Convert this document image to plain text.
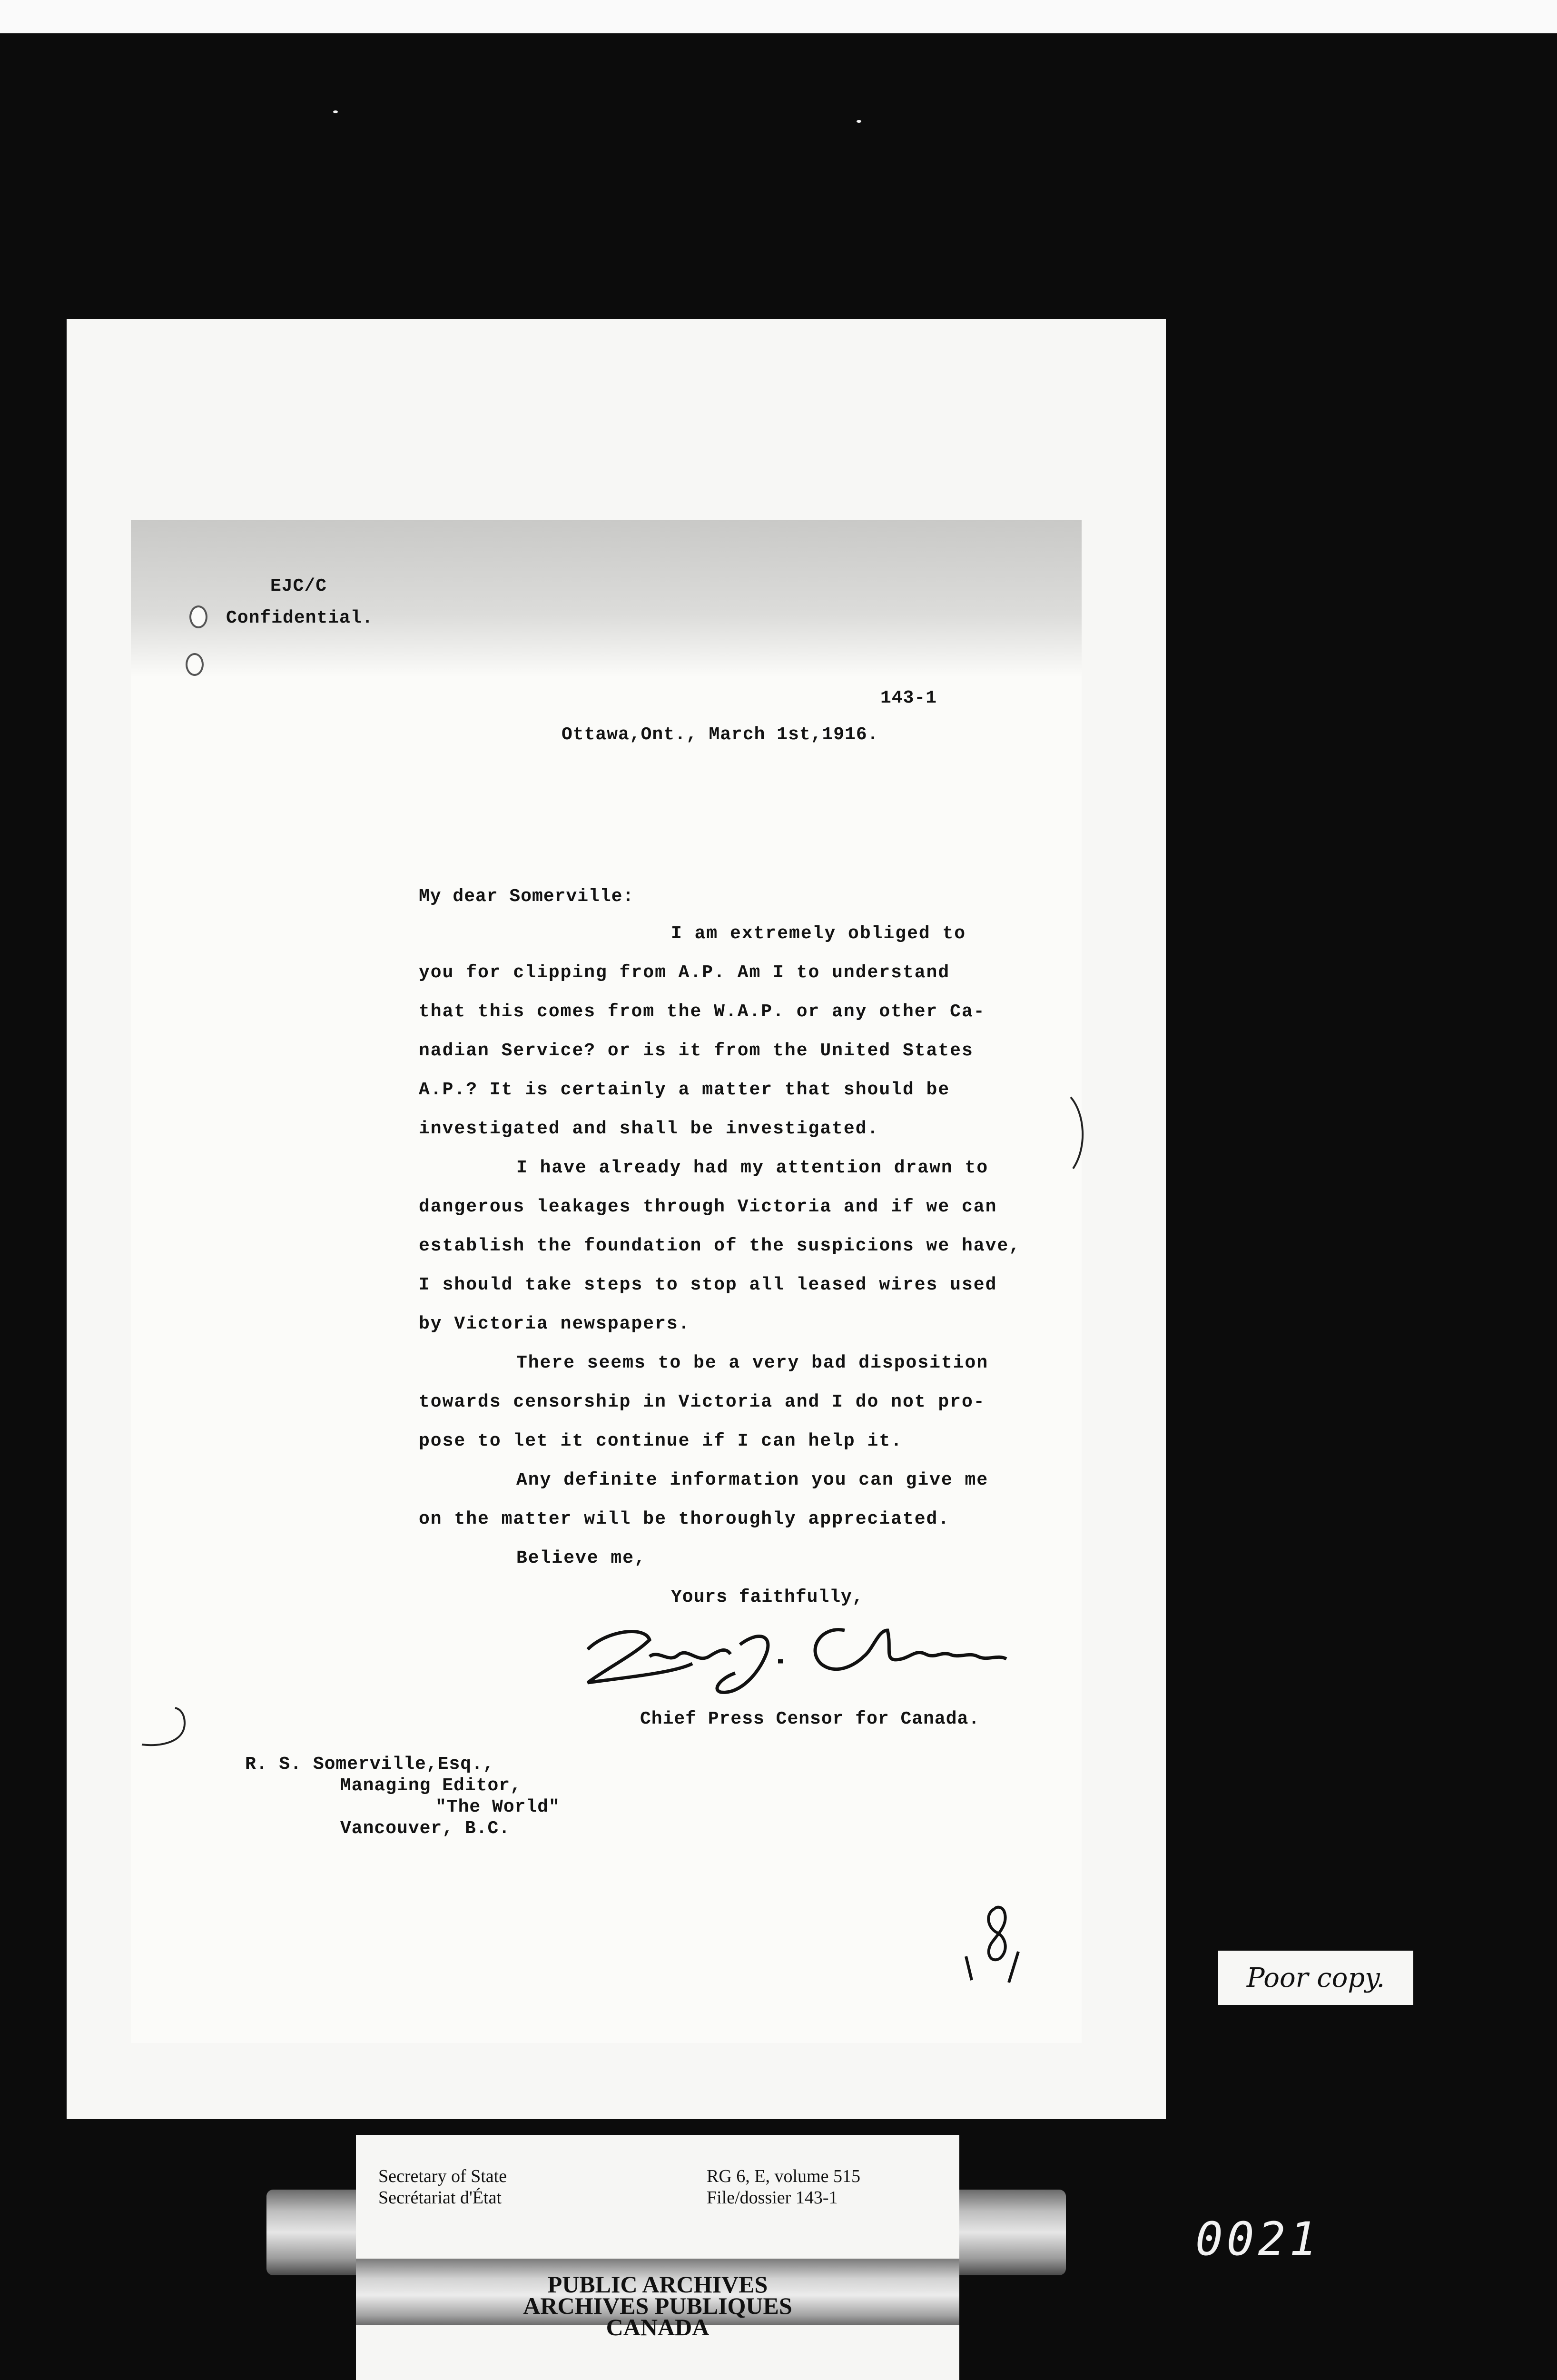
EJC/C
Confidential.
143-1
Ottawa,Ont., March 1st,1916.
My dear Somerville:
I am extremely obliged to
you for clipping from A.P. Am I to understand
that this comes from the W.A.P. or any other Ca-
nadian Service? or is it from the United States
A.P.? It is certainly a matter that should be
investigated and shall be investigated.
I have already had my attention drawn to
dangerous leakages through Victoria and if we can
establish the foundation of the suspicions we have,
I should take steps to stop all leased wires used
by Victoria newspapers.
There seems to be a very bad disposition
towards censorship in Victoria and I do not pro-
pose to let it continue if I can help it.
Any definite information you can give me
on the matter will be thoroughly appreciated.
Believe me,
Yours faithfully,
Chief Press Censor for Canada.
R. S. Somerville,Esq.,
Managing Editor,
"The World"
Vancouver, B.C.
Poor copy.
0021
Secretary of State
Secrétariat d'État
RG 6, E, volume 515
File/dossier 143-1
PUBLIC ARCHIVES
ARCHIVES PUBLIQUES
CANADA
